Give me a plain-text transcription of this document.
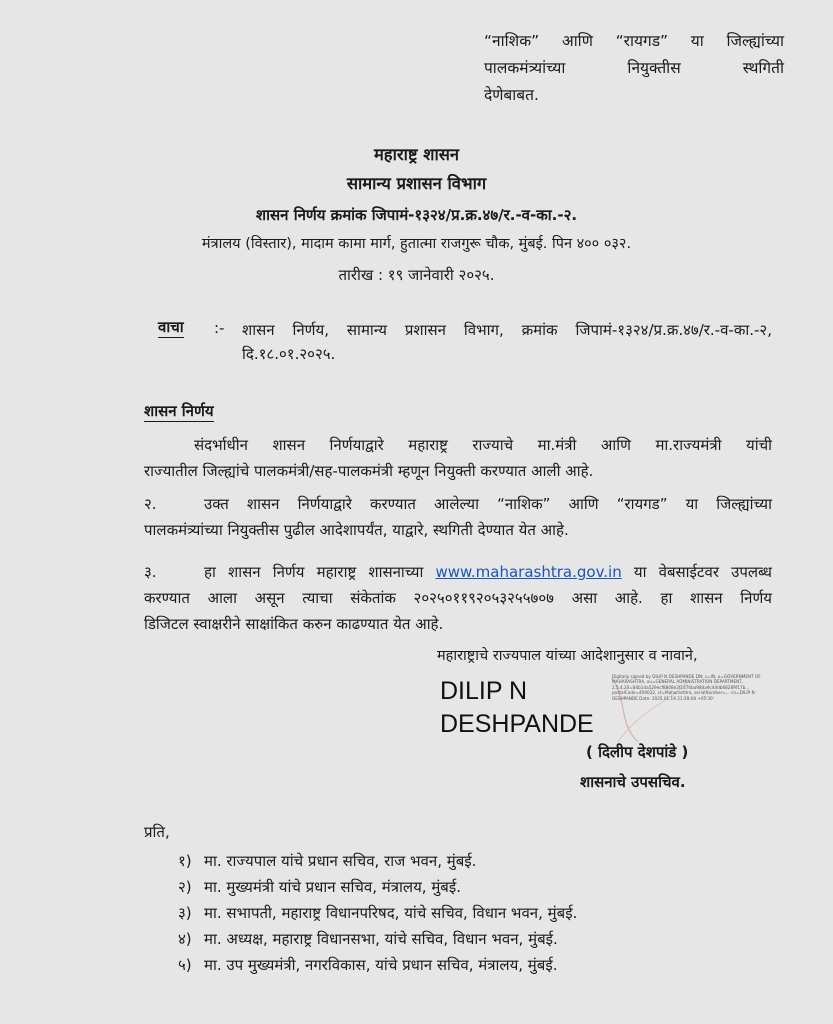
“नाशिक” आणि “रायगड” या जिल्ह्यांच्या
पालकमंत्र्यांच्या नियुक्तीस स्थगिती
देणेबाबत.
महाराष्ट्र शासन
सामान्य प्रशासन विभाग
शासन निर्णय क्रमांक जिपामं-१३२४/प्र.क्र.४७/र.-व-का.-२.
मंत्रालय (विस्तार), मादाम कामा मार्ग, हुतात्मा राजगुरू चौक, मुंबई. पिन ४०० ०३२.
तारीख : १९ जानेवारी २०२५.
वाचा :- शासन निर्णय, सामान्य प्रशासन विभाग, क्रमांक जिपामं-१३२४/प्र.क्र.४७/र.-व-का.-२, दि.१८.०१.२०२५.
शासन निर्णय
संदर्भाधीन शासन निर्णयाद्वारे महाराष्ट्र राज्याचे मा.मंत्री आणि मा.राज्यमंत्री यांची
राज्यातील जिल्ह्यांचे पालकमंत्री/सह-पालकमंत्री म्हणून नियुक्ती करण्यात आली आहे.
२.	उक्त शासन निर्णयाद्वारे करण्यात आलेल्या “नाशिक” आणि “रायगड” या जिल्ह्यांच्या
पालकमंत्र्यांच्या नियुक्तीस पुढील आदेशापर्यंत, याद्वारे, स्थगिती देण्यात येत आहे.
३.	हा शासन निर्णय महाराष्ट्र शासनाच्या www.maharashtra.gov.in या वेबसाईटवर उपलब्ध
करण्यात आला असून त्याचा संकेतांक २०२५०११९२०५३२५५७०७ असा आहे. हा शासन निर्णय
डिजिटल स्वाक्षरीने साक्षांकित करुन काढण्यात येत आहे.
महाराष्ट्राचे राज्यपाल यांच्या आदेशानुसार व नावाने,
DILIP N
DESHPANDE
Digitally signed by DILIP N DESHPANDE DN: c=IN, o=GOVERNMENT OF MAHARASHTRA, ou=GENERAL ADMINISTRATION DEPARTMENT, 2.5.4.20=84b1da529ecf8808e2f1476ba984a9c44db68289f17b... postalCode=400032, st=Maharashtra, serialNumber=... cn=DILIP N DESHPANDE Date: 2025.01.19 21:28:08 +05'30'
( दिलीप देशपांडे )
शासनाचे उपसचिव.
प्रति,
१) मा. राज्यपाल यांचे प्रधान सचिव, राज भवन, मुंबई.
२) मा. मुख्यमंत्री यांचे प्रधान सचिव, मंत्रालय, मुंबई.
३) मा. सभापती, महाराष्ट्र विधानपरिषद, यांचे सचिव, विधान भवन, मुंबई.
४) मा. अध्यक्ष, महाराष्ट्र विधानसभा, यांचे सचिव, विधान भवन, मुंबई.
५) मा. उप मुख्यमंत्री, नगरविकास, यांचे प्रधान सचिव, मंत्रालय, मुंबई.
